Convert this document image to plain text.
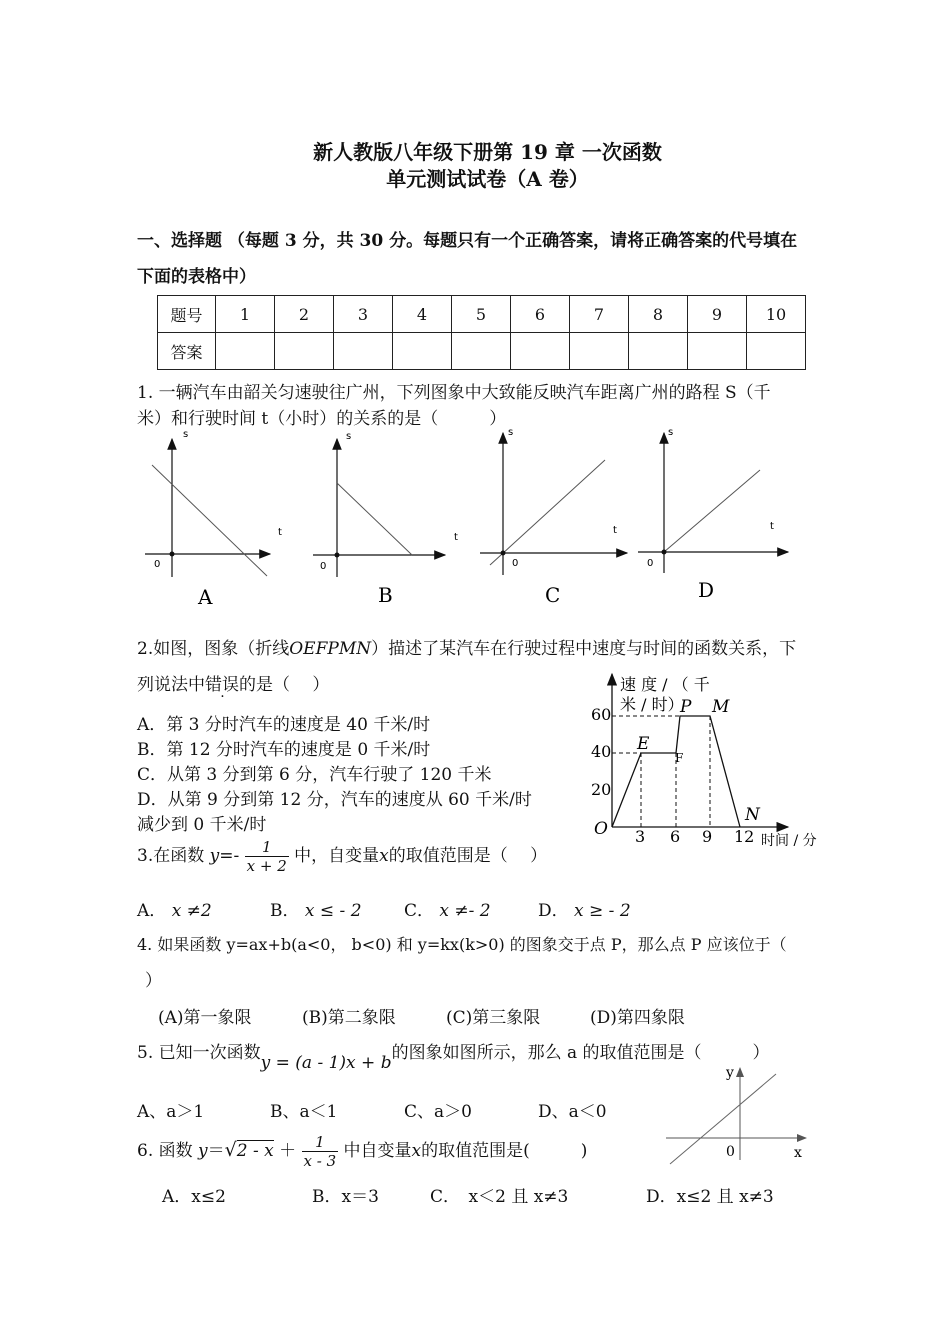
新人教版八年级下册第 19 章 一次函数
单元测试试卷（A 卷）
一、选择题 （每题 3 分，共 30 分。每题只有一个正确答案，请将正确答案的代号填在
下面的表格中）
题号	1	2	3	4	5	6	7	8	9	10
答案										
1. 一辆汽车由韶关匀速驶往广州，下列图象中大致能反映汽车距离广州的路程 S（千
米）和行驶时间 t（小时）的关系的是（　　　）
s
t
0
A
s
t
0
B
s
t
0
C
s
t
0
D
2.如图，图象（折线OEFPMN）描述了某汽车在行驶过程中速度与时间的函数关系，下
列说法中错误的是（　 ）
A．第 3 分时汽车的速度是 40 千米/时
B．第 12 分时汽车的速度是 0 千米/时
C．从第 3 分到第 6 分，汽车行驶了 120 千米
D．从第 9 分到第 12 分，汽车的速度从 60 千米/时
减少到 0 千米/时
速 度 / （ 千
米 / 时）
60
40
20
3 6 9 12 时间 / 分
O
E
F
P M
N
3.在函数 $y=- \frac{1}{x + 2}$ 中，自变量x的取值范围是（　 ）
A． x ≠2	B． x ≤ - 2 C． x ≠- 2	D． x ≥ - 2
4. 如果函数 y=ax+b(a<0， b<0) 和 y=kx(k>0) 的图象交于点 P，那么点 P 应该位于（
）
(A)第一象限	(B)第二象限	(C)第三象限	(D)第四象限
5. 已知一次函数y = (a - 1)x + b的图象如图所示，那么 a 的取值范围是（　　　）
A、a＞1	B、a＜1	C、a＞0	D、a＜0
y
x
0
6. 函数 $y=√2 - x + \frac{1}{x - 3}$ 中自变量x的取值范围是(　　　)
A．x≤2	B．x＝3	C．　x＜2 且 x≠3	D．x≤2 且 x≠3
